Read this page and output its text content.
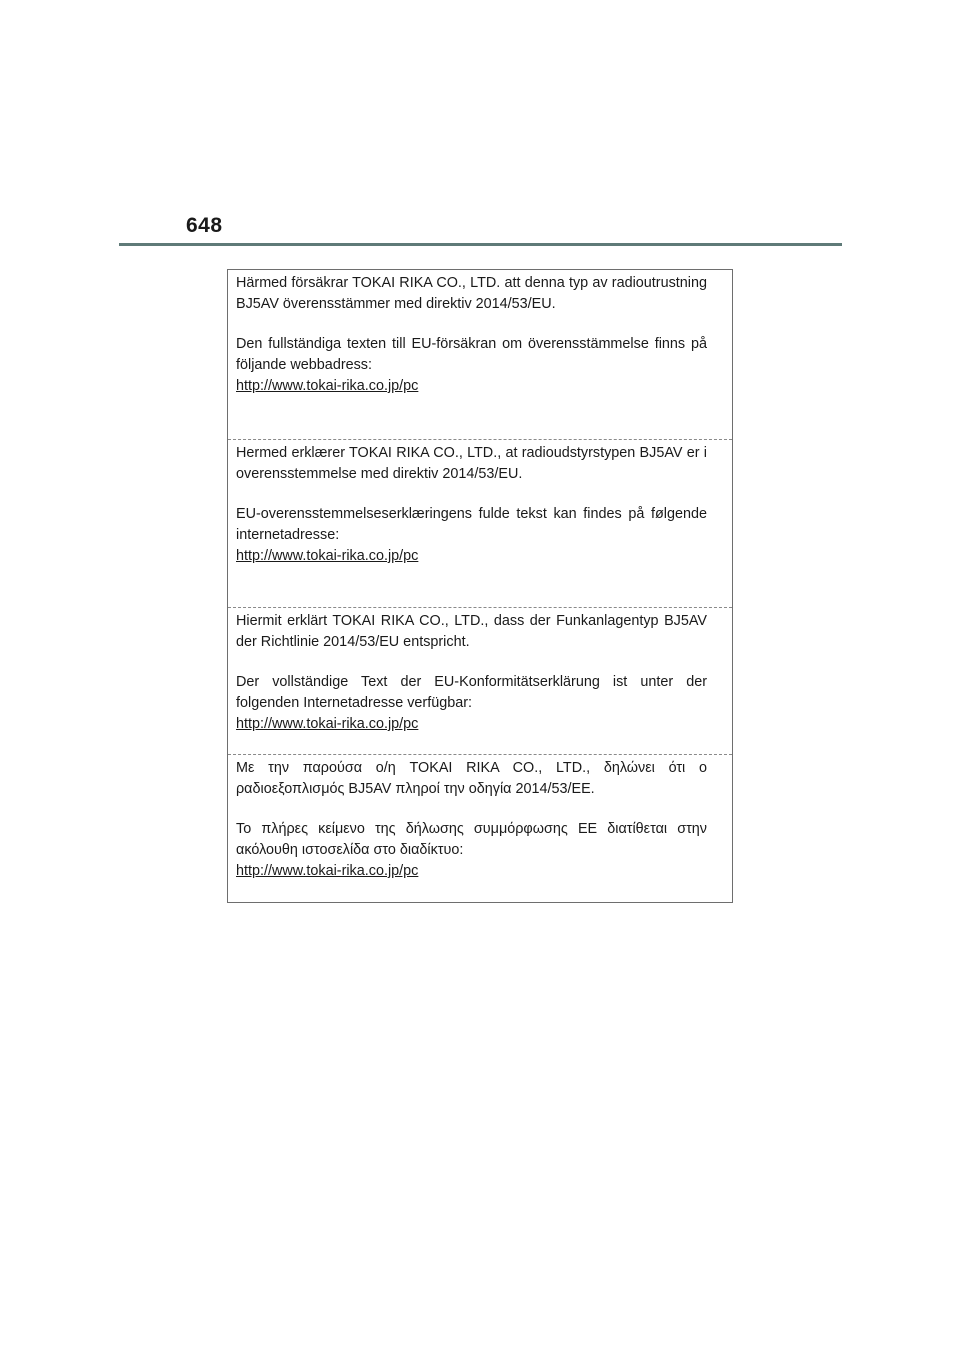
648

Härmed försäkrar TOKAI RIKA CO., LTD. att denna typ av radioutrustning BJ5AV överensstämmer med direktiv 2014/53/EU.

Den fullständiga texten till EU-försäkran om överensstämmelse finns på följande webbadress:

http://www.tokai-rika.co.jp/pc

Hermed erklærer TOKAI RIKA CO., LTD., at radioudstyrstypen BJ5AV er i overensstemmelse med direktiv 2014/53/EU.

EU-overensstemmelseserklæringens fulde tekst kan findes på følgende internetadresse:

http://www.tokai-rika.co.jp/pc

Hiermit erklärt TOKAI RIKA CO., LTD., dass der Funkanlagentyp BJ5AV der Richtlinie 2014/53/EU entspricht.

Der vollständige Text der EU-Konformitätserklärung ist unter der folgenden Internetadresse verfügbar:

http://www.tokai-rika.co.jp/pc

Με την παρούσα ο/η TOKAI RIKA CO., LTD., δηλώνει ότι ο ραδιοεξοπλισμός BJ5AV πληροί την οδηγία 2014/53/ΕΕ.

Το πλήρες κείμενο της δήλωσης συμμόρφωσης ΕΕ διατίθεται στην ακόλουθη ιστοσελίδα στο διαδίκτυο:

http://www.tokai-rika.co.jp/pc
